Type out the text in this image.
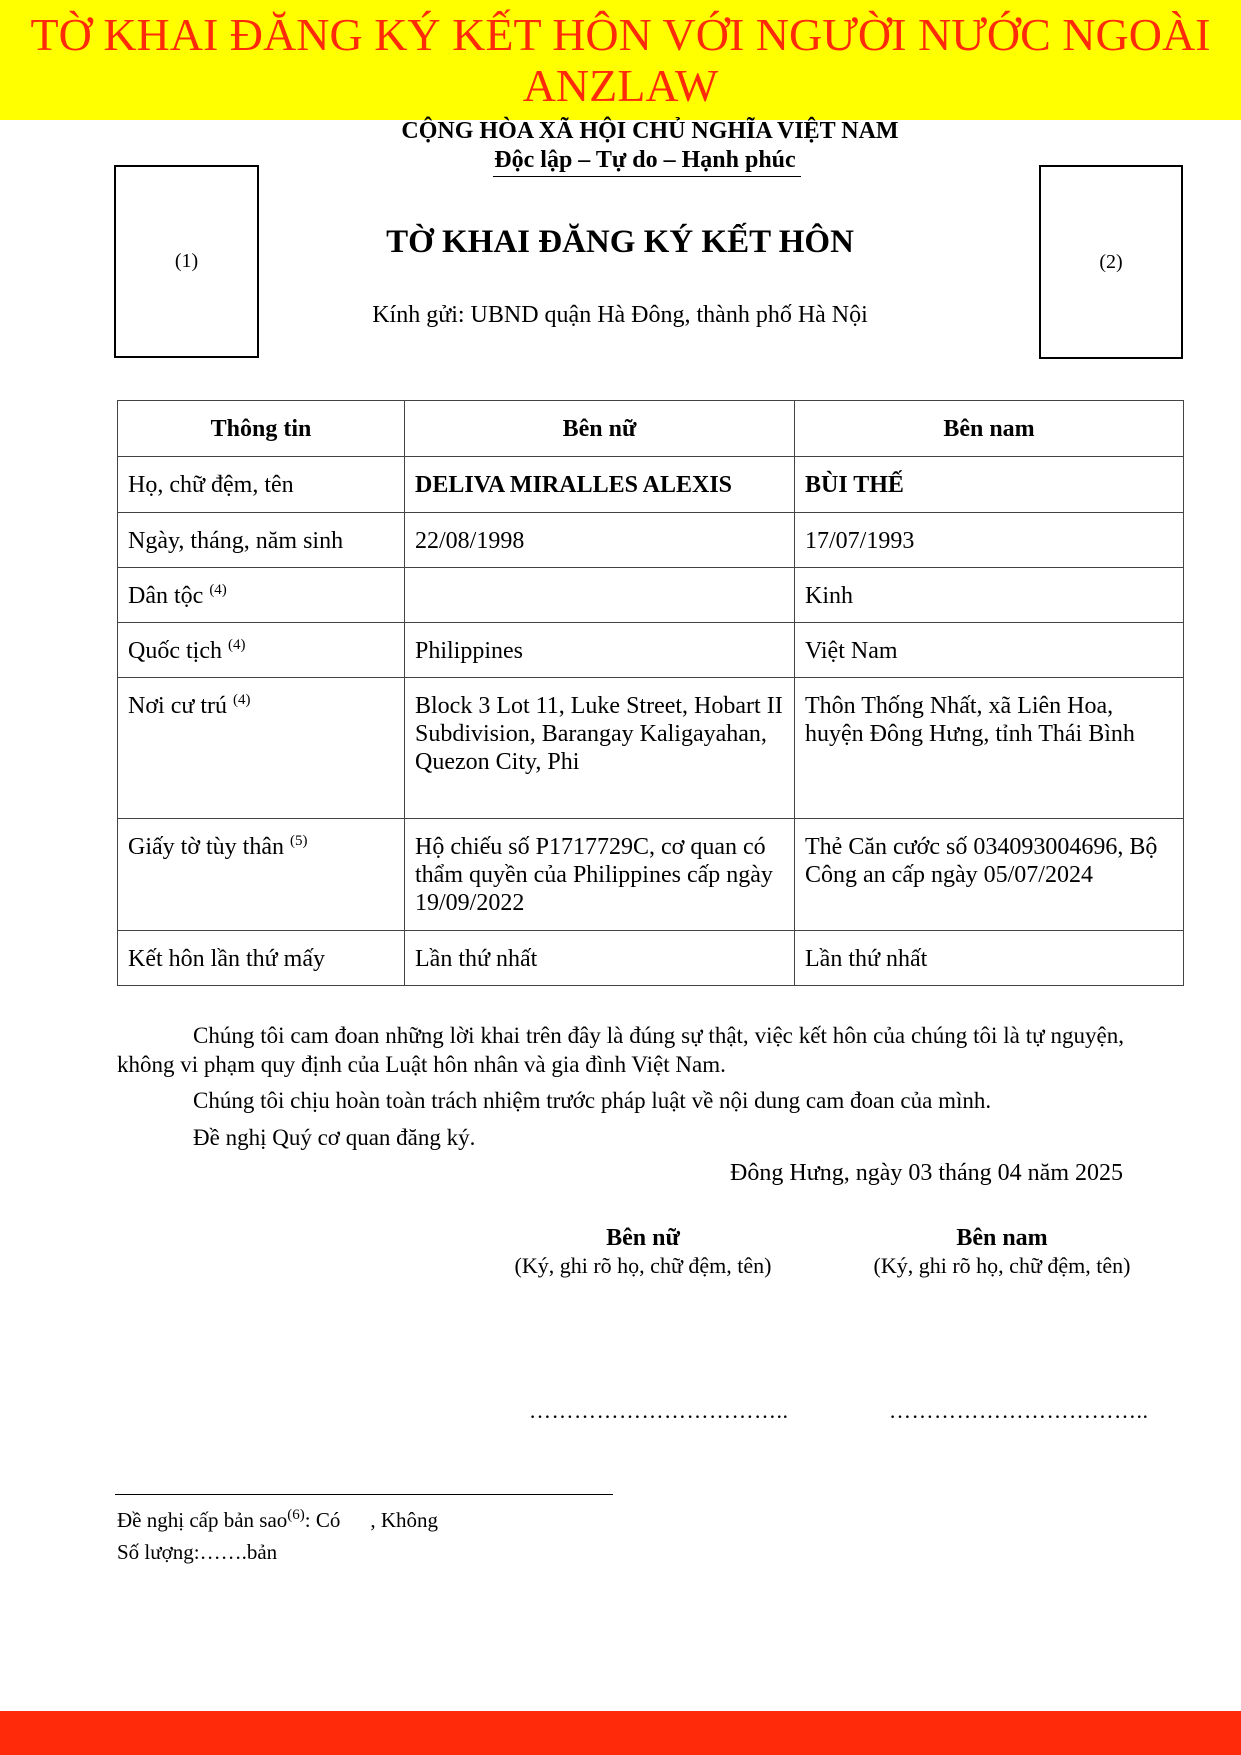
TỜ KHAI ĐĂNG KÝ KẾT HÔN VỚI NGƯỜI NƯỚC NGOÀI
ANZLAW
CỘNG HÒA XÃ HỘI CHỦ NGHĨA VIỆT NAM
Độc lập – Tự do – Hạnh phúc
(1)	(2)
TỜ KHAI ĐĂNG KÝ KẾT HÔN
Kính gửi: UBND quận Hà Đông, thành phố Hà Nội
Thông tin	Bên nữ	Bên nam
Họ, chữ đệm, tên	DELIVA MIRALLES ALEXIS	BÙI THẾ
Ngày, tháng, năm sinh	22/08/1998	17/07/1993
Dân tộc $^{(4)}$		Kinh
Quốc tịch $^{(4)}$	Philippines	Việt Nam
Nơi cư trú $^{(4)}$	Block 3 Lot 11, Luke Street, Hobart II Subdivision, Barangay Kaligayahan, Quezon City, Phi	Thôn Thống Nhất, xã Liên Hoa, huyện Đông Hưng, tỉnh Thái Bình
Giấy tờ tùy thân $^{(5)}$	Hộ chiếu số P1717729C, cơ quan có thẩm quyền của Philippines cấp ngày 19/09/2022	Thẻ Căn cước số 034093004696, Bộ Công an cấp ngày 05/07/2024
Kết hôn lần thứ mấy	Lần thứ nhất	Lần thứ nhất
Chúng tôi cam đoan những lời khai trên đây là đúng sự thật, việc kết hôn của chúng tôi là tự nguyện, không vi phạm quy định của Luật hôn nhân và gia đình Việt Nam.
Chúng tôi chịu hoàn toàn trách nhiệm trước pháp luật về nội dung cam đoan của mình.
Đề nghị Quý cơ quan đăng ký.
Đông Hưng, ngày 03 tháng 04 năm 2025
Bên nữ
(Ký, ghi rõ họ, chữ đệm, tên)
Bên nam
(Ký, ghi rõ họ, chữ đệm, tên)
……………………………..	……………………………..
Đề nghị cấp bản sao$^{(6)}$: Có , Không
Số lượng:…….bản
